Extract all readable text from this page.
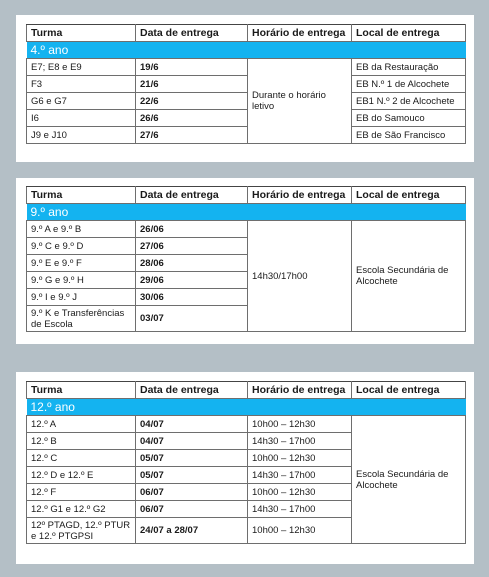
Turma	Data de entrega	Horário de entrega	Local de entrega
4.º ano			
E7; E8 e E9	19/6	Durante o horário letivo	EB da Restauração
F3	21/6		EB N.º 1 de Alcochete
G6 e G7	22/6		EB1 N.º 2 de Alcochete
I6	26/6		EB do Samouco
J9 e J10	27/6		EB de São Francisco
Turma	Data de entrega	Horário de entrega	Local de entrega
9.º ano			
9.º A e 9.º B	26/06	14h30/17h00	Escola Secundária de Alcochete
9.º C e 9.º D	27/06		
9.º E e 9.º F	28/06		
9.º G e 9.º H	29/06		
9.º I e 9.º J	30/06		
9.º K e Transferências de Escola	03/07		
Turma	Data de entrega	Horário de entrega	Local de entrega
12.º ano			
12.º A	04/07	10h00 – 12h30	Escola Secundária de Alcochete
12.º B	04/07	14h30 – 17h00	
12.º C	05/07	10h00 – 12h30	
12.º D e 12.º E	05/07	14h30 – 17h00	
12.º F	06/07	10h00 – 12h30	
12.º G1 e 12.º G2	06/07	14h30 – 17h00	
12º PTAGD, 12.º PTUR e 12.º PTGPSI	24/07 a 28/07	10h00 – 12h30	
